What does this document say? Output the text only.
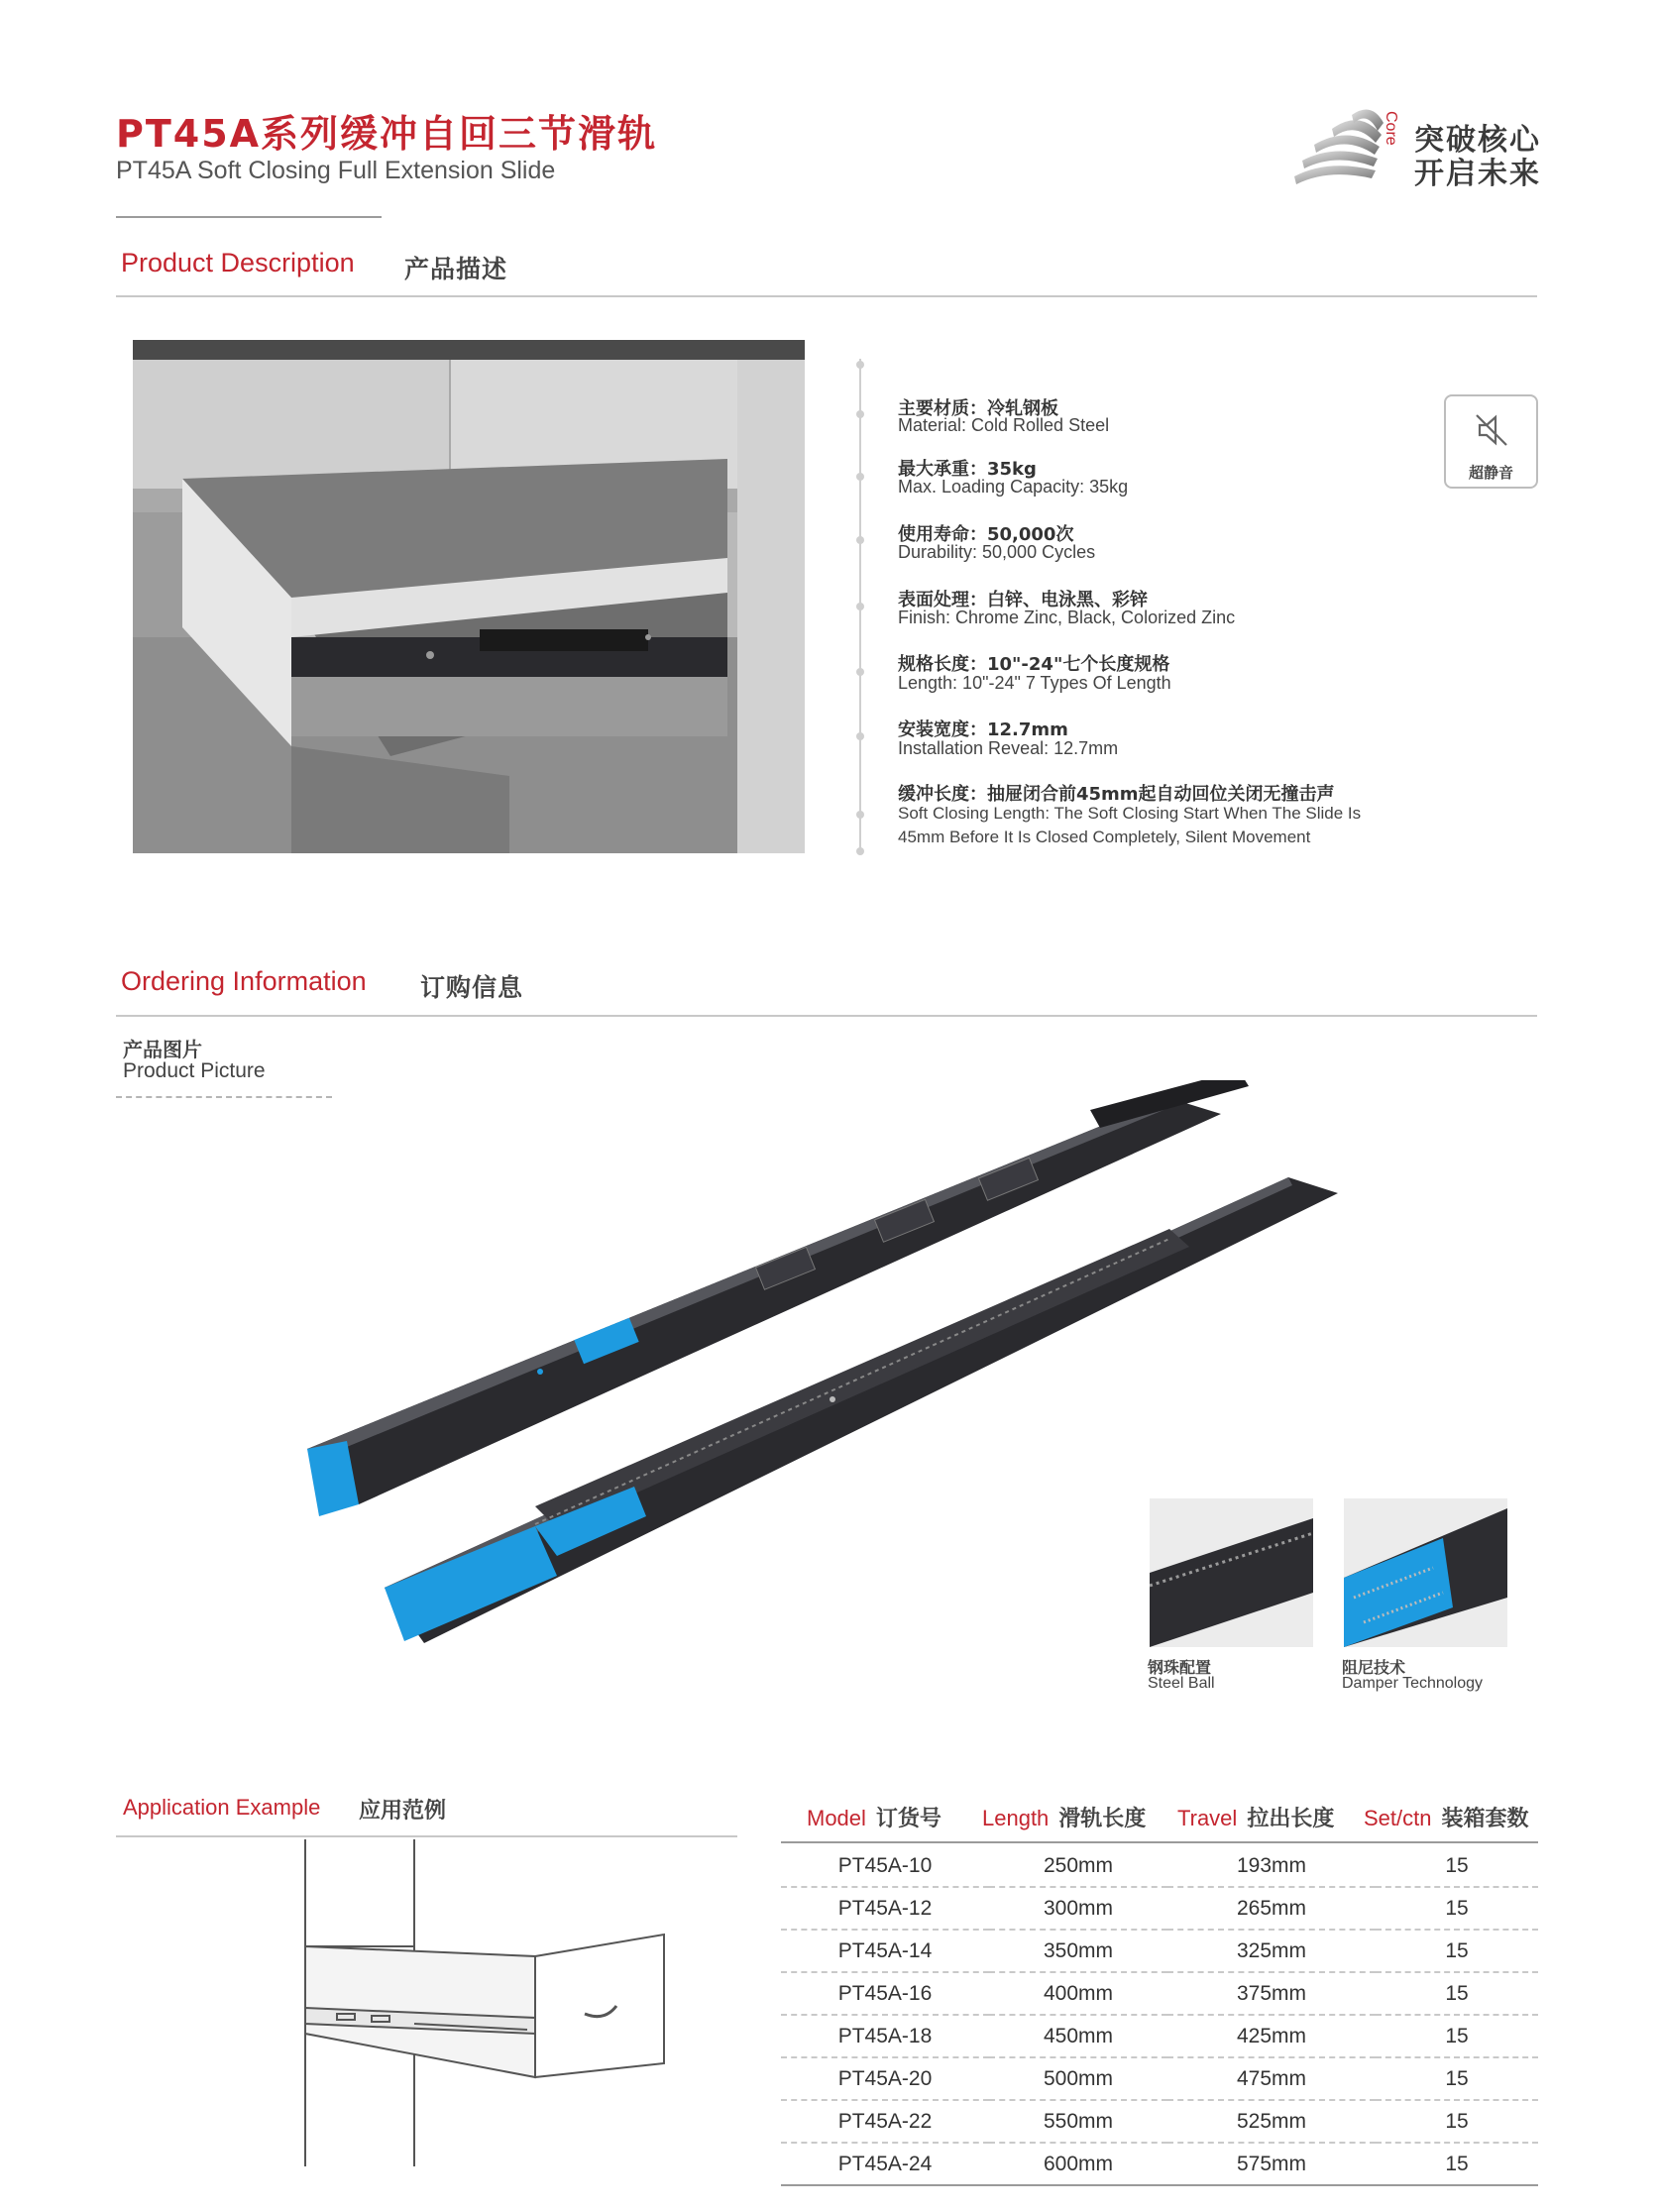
PT45A系列缓冲自回三节滑轨
PT45A Soft Closing Full Extension Slide
Core 突破核心
开启未来
Product Description 产品描述
主要材质：冷轧钢板
Material: Cold Rolled Steel
最大承重：35kg
Max. Loading Capacity: 35kg
使用寿命：50,000次
Durability: 50,000 Cycles
表面处理：白锌、电泳黑、彩锌
Finish: Chrome Zinc, Black, Colorized Zinc
规格长度：10"-24"七个长度规格
Length: 10"-24" 7 Types Of Length
安装宽度：12.7mm
Installation Reveal: 12.7mm
缓冲长度：抽屉闭合前45mm起自动回位关闭无撞击声
Soft Closing Length: The Soft Closing Start When The Slide Is
45mm Before It Is Closed Completely, Silent Movement
超静音
Ordering Information 订购信息
产品图片
Product Picture
钢珠配置
Steel Ball
阻尼技术
Damper Technology
Application Example 应用范例	Model 订货号 Length 滑轨长度 Travel 拉出长度 Set/ctn 装箱套数
PT45A-10	250mm	193mm	15
PT45A-12	300mm	265mm	15
PT45A-14	350mm	325mm	15
PT45A-16	400mm	375mm	15
PT45A-18	450mm	425mm	15
PT45A-20	500mm	475mm	15
PT45A-22	550mm	525mm	15
PT45A-24	600mm	575mm	15
